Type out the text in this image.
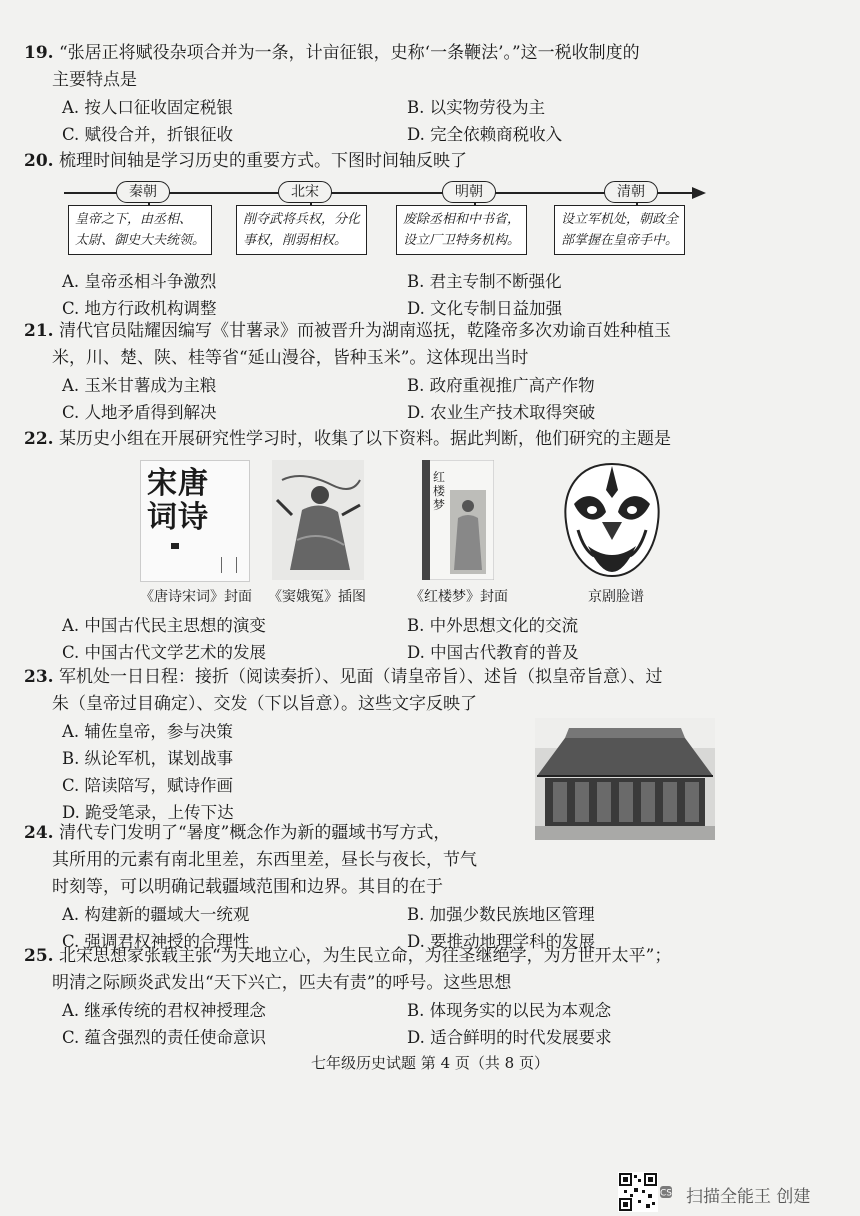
19. “张居正将赋役杂项合并为一条，计亩征银，史称‘一条鞭法’。”这一税收制度的
主要特点是
A. 按人口征收固定税银	B. 以实物劳役为主
C. 赋役合并，折银征收	D. 完全依赖商税收入
20. 梳理时间轴是学习历史的重要方式。下图时间轴反映了
秦朝
皇帝之下，由丞相、
太尉、御史大夫统领。
北宋
削夺武将兵权，分化
事权，削弱相权。
明朝
废除丞相和中书省，
设立厂卫特务机构。
清朝
设立军机处，朝政全
部掌握在皇帝手中。
A. 皇帝丞相斗争激烈	B. 君主专制不断强化
C. 地方行政机构调整	D. 文化专制日益加强
21. 清代官员陆耀因编写《甘薯录》而被晋升为湖南巡抚，乾隆帝多次劝谕百姓种植玉
米，川、楚、陕、桂等省“延山漫谷，皆种玉米”。这体现出当时
A. 玉米甘薯成为主粮	B. 政府重视推广高产作物
C. 人地矛盾得到解决	D. 农业生产技术取得突破
22. 某历史小组在开展研究性学习时，收集了以下资料。据此判断，他们研究的主题是
宋唐词诗
红楼梦
《唐诗宋词》封面 《窦娥冤》插图	《红楼梦》封面	京剧脸谱
A. 中国古代民主思想的演变	B. 中外思想文化的交流
C. 中国古代文学艺术的发展	D. 中国古代教育的普及
23. 军机处一日日程：接折（阅读奏折）、见面（请皇帝旨）、述旨（拟皇帝旨意）、过
朱（皇帝过目确定）、交发（下以旨意）。这些文字反映了
A. 辅佐皇帝，参与决策
B. 纵论军机，谋划战事
C. 陪读陪写，赋诗作画
D. 跪受笔录，上传下达
24. 清代专门发明了“暑度”概念作为新的疆域书写方式，
其所用的元素有南北里差，东西里差，昼长与夜长，节气
时刻等，可以明确记载疆域范围和边界。其目的在于
A. 构建新的疆域大一统观	B. 加强少数民族地区管理
C. 强调君权神授的合理性	D. 要推动地理学科的发展
25. 北宋思想家张载主张“为天地立心，为生民立命，为往圣继绝学，为万世开太平”；
明清之际顾炎武发出“天下兴亡，匹夫有责”的呼号。这些思想
A. 继承传统的君权神授理念	B. 体现务实的以民为本观念
C. 蕴含强烈的责任使命意识	D. 适合鲜明的时代发展要求
七年级历史试题 第 4 页（共 8 页）
CS 扫描全能王 创建
